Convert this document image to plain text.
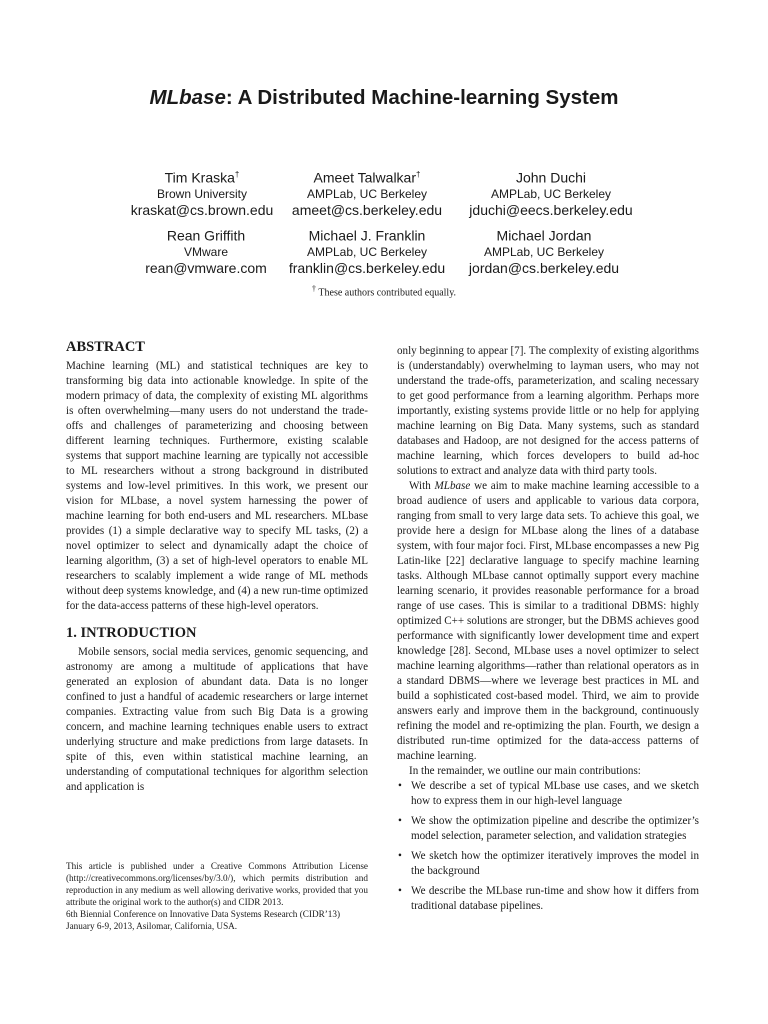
MLbase: A Distributed Machine-learning System
Tim Kraska†
Brown University
kraskat@cs.brown.edu
Ameet Talwalkar†
AMPLab, UC Berkeley
ameet@cs.berkeley.edu
John Duchi
AMPLab, UC Berkeley
jduchi@eecs.berkeley.edu
Rean Griffith
VMware
rean@vmware.com
Michael J. Franklin
AMPLab, UC Berkeley
franklin@cs.berkeley.edu
Michael Jordan
AMPLab, UC Berkeley
jordan@cs.berkeley.edu
† These authors contributed equally.
ABSTRACT

Machine learning (ML) and statistical techniques are key to transforming big data into actionable knowledge. In spite of the modern primacy of data, the complexity of existing ML algorithms is often overwhelming—many users do not understand the trade-offs and challenges of parameterizing and choosing between different learning techniques. Furthermore, existing scalable systems that support machine learning are typically not accessible to ML researchers without a strong background in distributed systems and low-level primitives. In this work, we present our vision for MLbase, a novel system harnessing the power of machine learning for both end-users and ML researchers. MLbase provides (1) a simple declarative way to specify ML tasks, (2) a novel optimizer to select and dynamically adapt the choice of learning algorithm, (3) a set of high-level operators to enable ML researchers to scalably implement a wide range of ML methods without deep systems knowledge, and (4) a new run-time optimized for the data-access patterns of these high-level operators.

1. INTRODUCTION

Mobile sensors, social media services, genomic sequencing, and astronomy are among a multitude of applications that have generated an explosion of abundant data. Data is no longer confined to just a handful of academic researchers or large internet companies. Extracting value from such Big Data is a growing concern, and machine learning techniques enable users to extract underlying structure and make predictions from large datasets. In spite of this, even within statistical machine learning, an understanding of computational techniques for algorithm selection and application is

This article is published under a Creative Commons Attribution License (http://creativecommons.org/licenses/by/3.0/), which permits distribution and reproduction in any medium as well allowing derivative works, provided that you attribute the original work to the author(s) and CIDR 2013.
6th Biennial Conference on Innovative Data Systems Research (CIDR’13)
January 6-9, 2013, Asilomar, California, USA.

only beginning to appear [7]. The complexity of existing algorithms is (understandably) overwhelming to layman users, who may not understand the trade-offs, parameterization, and scaling necessary to get good performance from a learning algorithm. Perhaps more importantly, existing systems provide little or no help for applying machine learning on Big Data. Many systems, such as standard databases and Hadoop, are not designed for the access patterns of machine learning, which forces developers to build ad-hoc solutions to extract and analyze data with third party tools.

With MLbase we aim to make machine learning accessible to a broad audience of users and applicable to various data corpora, ranging from small to very large data sets. To achieve this goal, we provide here a design for MLbase along the lines of a database system, with four major foci. First, MLbase encompasses a new Pig Latin-like [22] declarative language to specify machine learning tasks. Although MLbase cannot optimally support every machine learning scenario, it provides reasonable performance for a broad range of use cases. This is similar to a traditional DBMS: highly optimized C++ solutions are stronger, but the DBMS achieves good performance with significantly lower development time and expert knowledge [28]. Second, MLbase uses a novel optimizer to select machine learning algorithms—rather than relational operators as in a standard DBMS—where we leverage best practices in ML and build a sophisticated cost-based model. Third, we aim to provide answers early and improve them in the background, continuously refining the model and re-optimizing the plan. Fourth, we design a distributed run-time optimized for the data-access patterns of machine learning.

In the remainder, we outline our main contributions:

• We describe a set of typical MLbase use cases, and we sketch how to express them in our high-level language
• We show the optimization pipeline and describe the optimizer’s model selection, parameter selection, and validation strategies
• We sketch how the optimizer iteratively improves the model in the background
• We describe the MLbase run-time and show how it differs from traditional database pipelines.
